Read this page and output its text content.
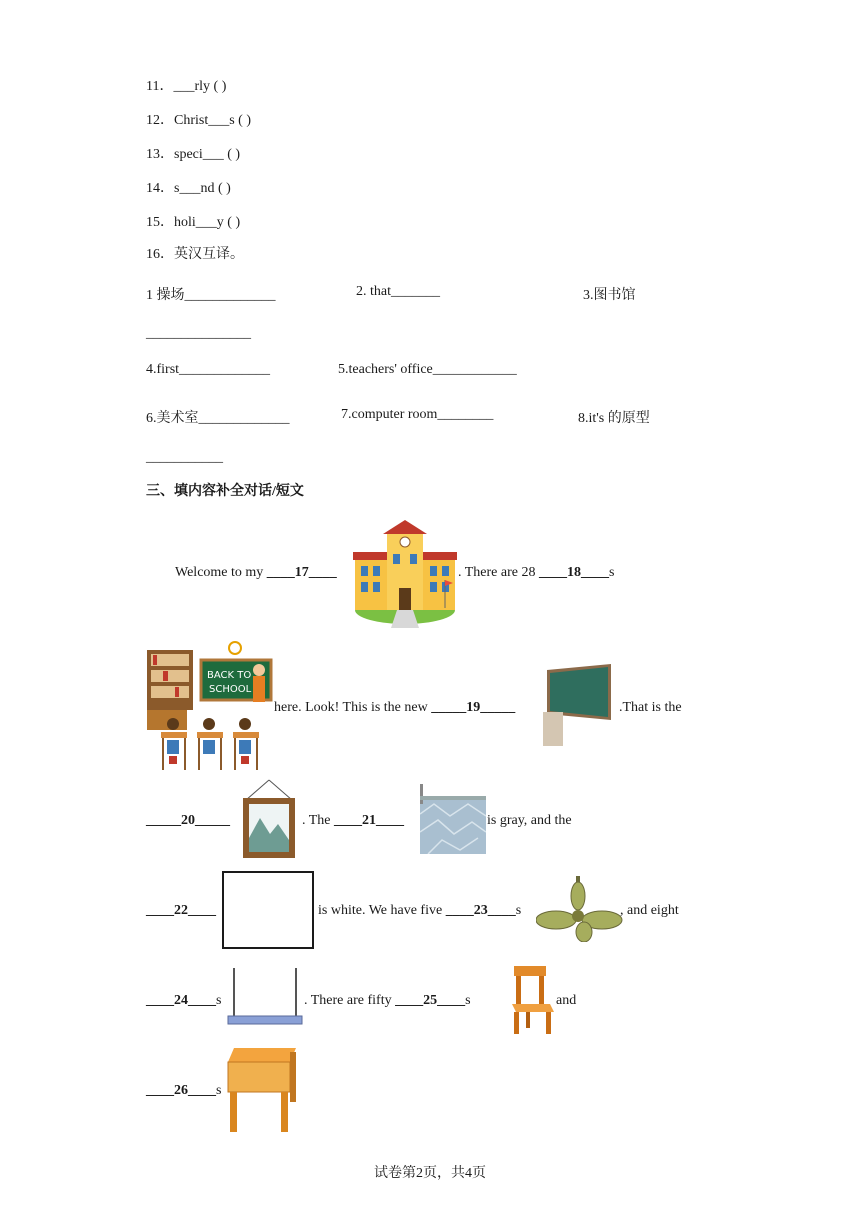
11．___rly ( )
12．Christ___s ( )
13．speci___ ( )
14．s___nd ( )
15．holi___y ( )
16．英汉互译。
1 操场_____________	2. that_______	3.图书馆
_______________
4.first_____________	5.teachers' office____________
6.美术室_____________	7.computer room________	8.it's 的原型
___________
三、填内容补全对话/短文
Welcome to my ____17____	. There are 28 ____18____s
BACK TO
SCHOOL
here. Look! This is the new _____19_____	.That is the
_____20_____	. The ____21____	is gray, and the
____22____	is white. We have five ____23____s	, and eight
____24____s	. There are fifty ____25____s	and
____26____s
试卷第2页，共4页
